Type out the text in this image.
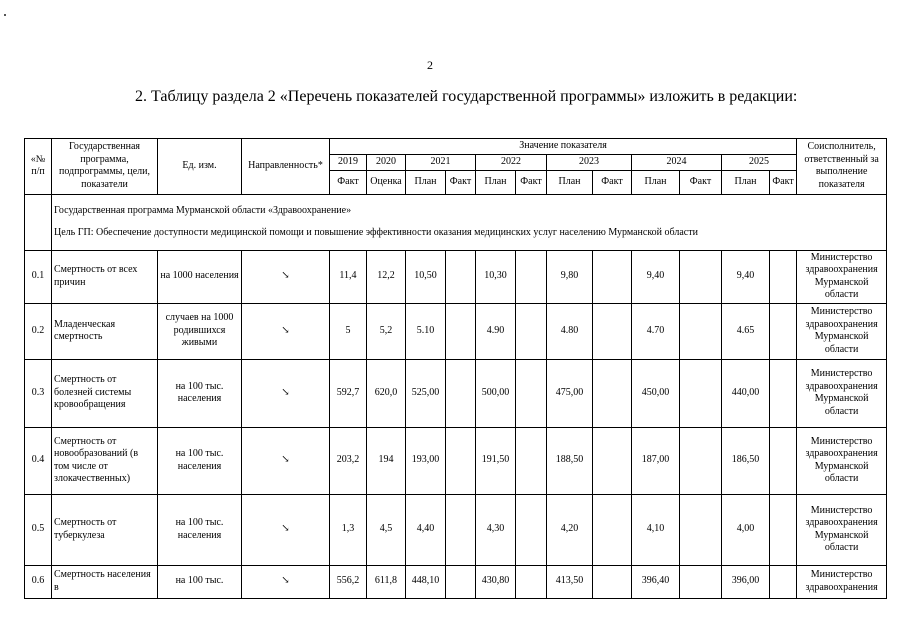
2
2. Таблицу раздела 2 «Перечень показателей государственной программы» изложить в редакции:
«№ п/п	Государственная программа, подпрограммы, цели, показатели	Ед. изм.	Направленность*	Значение показателя												Соисполнитель, ответственный за выполнение показателя
				2019	2020	2021		2022		2023		2024		2025		
				Факт	Оценка	План	Факт	План	Факт	План	Факт	План	Факт	План	Факт	

	Государственная программа Мурманской области «Здравоохранение»
Цель ГП: Обеспечение доступности медицинской помощи и повышение эффективности оказания медицинских услуг населению Мурманской области															

0.1	Смертность от всех причин	на 1000 населения	↘	11,4	12,2	10,50		10,30		9,80		9,40		9,40		Министерство здравоохранения Мурманской области
0.2	Младенческая смертность	случаев на 1000 родившихся живыми	↘	5	5,2	5.10		4.90		4.80		4.70		4.65		Министерство здравоохранения Мурманской области
0.3	Смертность от болезней системы кровообращения	на 100 тыс. населения	↘	592,7	620,0	525,00		500,00		475,00		450,00		440,00		Министерство здравоохранения Мурманской области
0.4	Смертность от новообразований (в том числе от злокачественных)	на 100 тыс. населения	↘	203,2	194	193,00		191,50		188,50		187,00		186,50		Министерство здравоохранения Мурманской области
0.5	Смертность от туберкулеза	на 100 тыс. населения	↘	1,3	4,5	4,40		4,30		4,20		4,10		4,00		Министерство здравоохранения Мурманской области
0.6	Смертность населения в	на 100 тыс.	↘	556,2	611,8	448,10		430,80		413,50		396,40		396,00		Министерство здравоохранения
